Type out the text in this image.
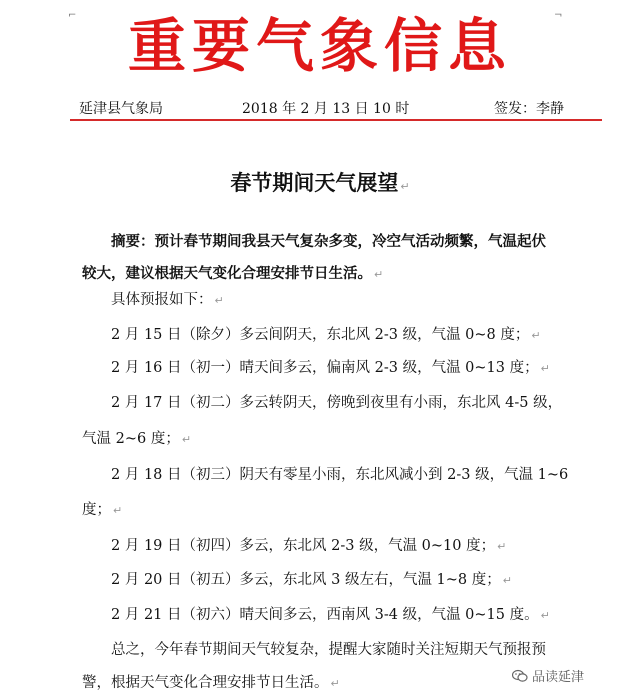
⌐	¬
重要气象信息
延津县气象局	2018 年 2 月 13 日 10 时	签发：李静
春节期间天气展望 ↵
摘要：预计春节期间我县天气复杂多变，冷空气活动频繁，气温起伏
较大，建议根据天气变化合理安排节日生活。 ↵
具体预报如下： ↵
2 月 15 日（除夕）多云间阴天，东北风 2-3 级，气温 0~8 度； ↵
2 月 16 日（初一）晴天间多云，偏南风 2-3 级，气温 0~13 度； ↵
2 月 17 日（初二）多云转阴天，傍晚到夜里有小雨，东北风 4-5 级，
气温 2~6 度； ↵
2 月 18 日（初三）阴天有零星小雨，东北风减小到 2-3 级，气温 1~6
度； ↵
2 月 19 日（初四）多云，东北风 2-3 级，气温 0~10 度； ↵
2 月 20 日（初五）多云，东北风 3 级左右，气温 1~8 度； ↵
2 月 21 日（初六）晴天间多云，西南风 3-4 级，气温 0~15 度。 ↵
总之，今年春节期间天气较复杂，提醒大家随时关注短期天气预报预
警，根据天气变化合理安排节日生活。 ↵	品读延津
